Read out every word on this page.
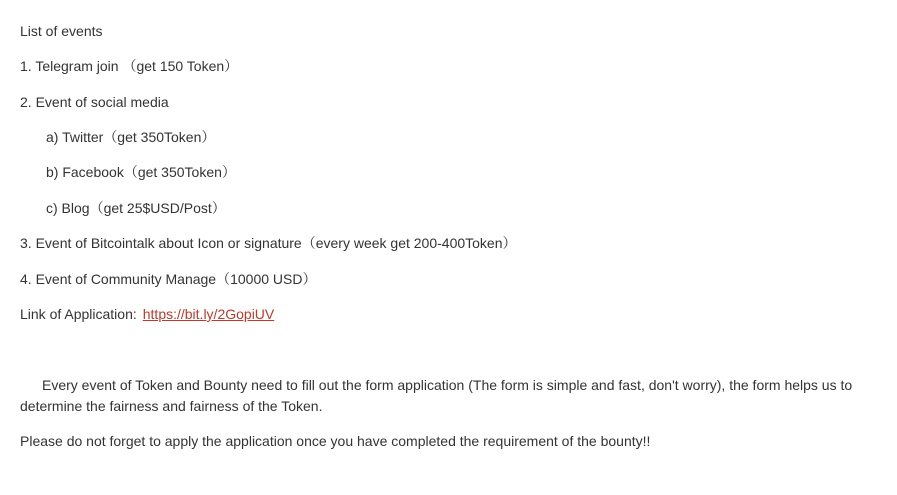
List of events
1. Telegram join （get 150 Token）
2. Event of social media
a) Twitter（get 350Token）
b) Facebook（get 350Token）
c) Blog（get 25$USD/Post）
3. Event of Bitcointalk about Icon or signature（every week get 200-400Token）
4. Event of Community Manage（10000 USD）
Link of Application: https://bit.ly/2GopiUV
Every event of Token and Bounty need to fill out the form application (The form is simple and fast, don't worry), the form helps us to determine the fairness and fairness of the Token.
Please do not forget to apply the application once you have completed the requirement of the bounty!!
